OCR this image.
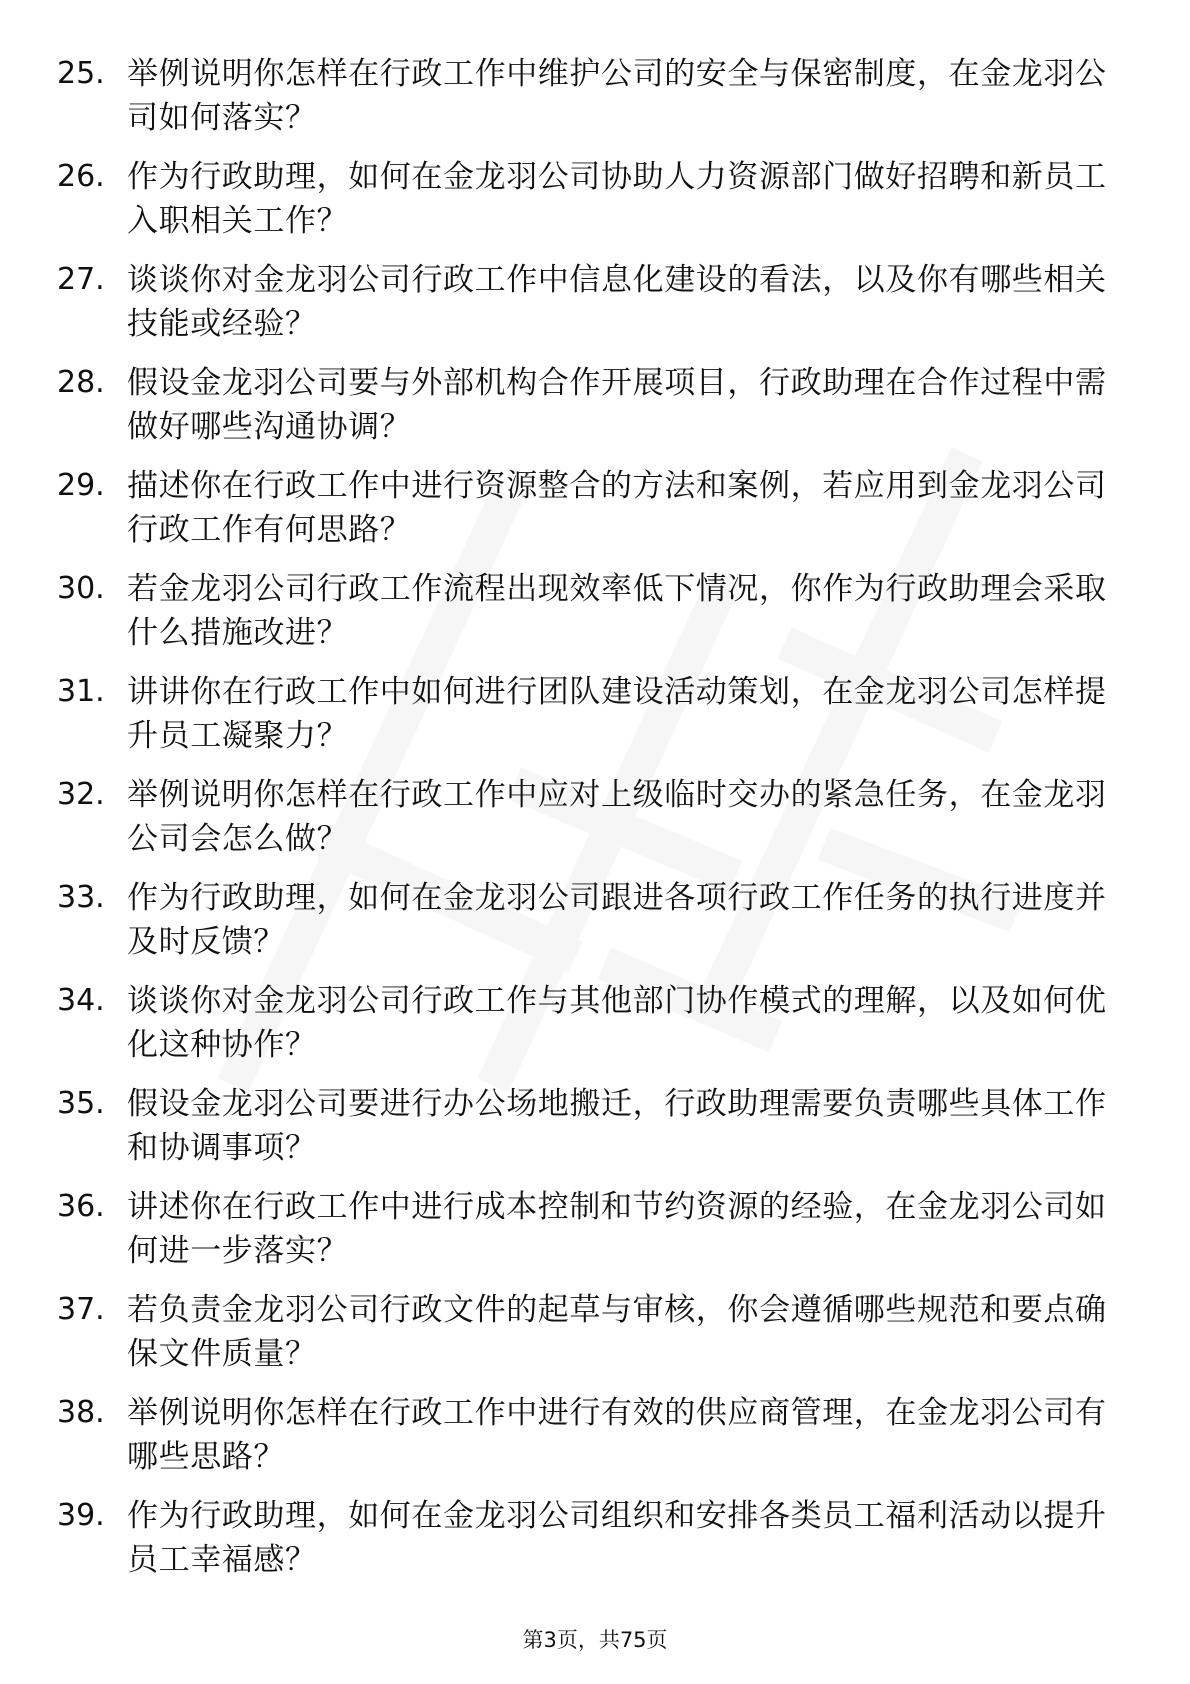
25. 举例说明你怎样在行政工作中维护公司的安全与保密制度，在金龙羽公司如何落实？
26. 作为行政助理，如何在金龙羽公司协助人力资源部门做好招聘和新员工入职相关工作？
27. 谈谈你对金龙羽公司行政工作中信息化建设的看法，以及你有哪些相关技能或经验？
28. 假设金龙羽公司要与外部机构合作开展项目，行政助理在合作过程中需做好哪些沟通协调？
29. 描述你在行政工作中进行资源整合的方法和案例，若应用到金龙羽公司行政工作有何思路？
30. 若金龙羽公司行政工作流程出现效率低下情况，你作为行政助理会采取什么措施改进？
31. 讲讲你在行政工作中如何进行团队建设活动策划，在金龙羽公司怎样提升员工凝聚力？
32. 举例说明你怎样在行政工作中应对上级临时交办的紧急任务，在金龙羽公司会怎么做？
33. 作为行政助理，如何在金龙羽公司跟进各项行政工作任务的执行进度并及时反馈？
34. 谈谈你对金龙羽公司行政工作与其他部门协作模式的理解，以及如何优化这种协作？
35. 假设金龙羽公司要进行办公场地搬迁，行政助理需要负责哪些具体工作和协调事项？
36. 讲述你在行政工作中进行成本控制和节约资源的经验，在金龙羽公司如何进一步落实？
37. 若负责金龙羽公司行政文件的起草与审核，你会遵循哪些规范和要点确保文件质量？
38. 举例说明你怎样在行政工作中进行有效的供应商管理，在金龙羽公司有哪些思路？
39. 作为行政助理，如何在金龙羽公司组织和安排各类员工福利活动以提升员工幸福感？
第3页，共75页
